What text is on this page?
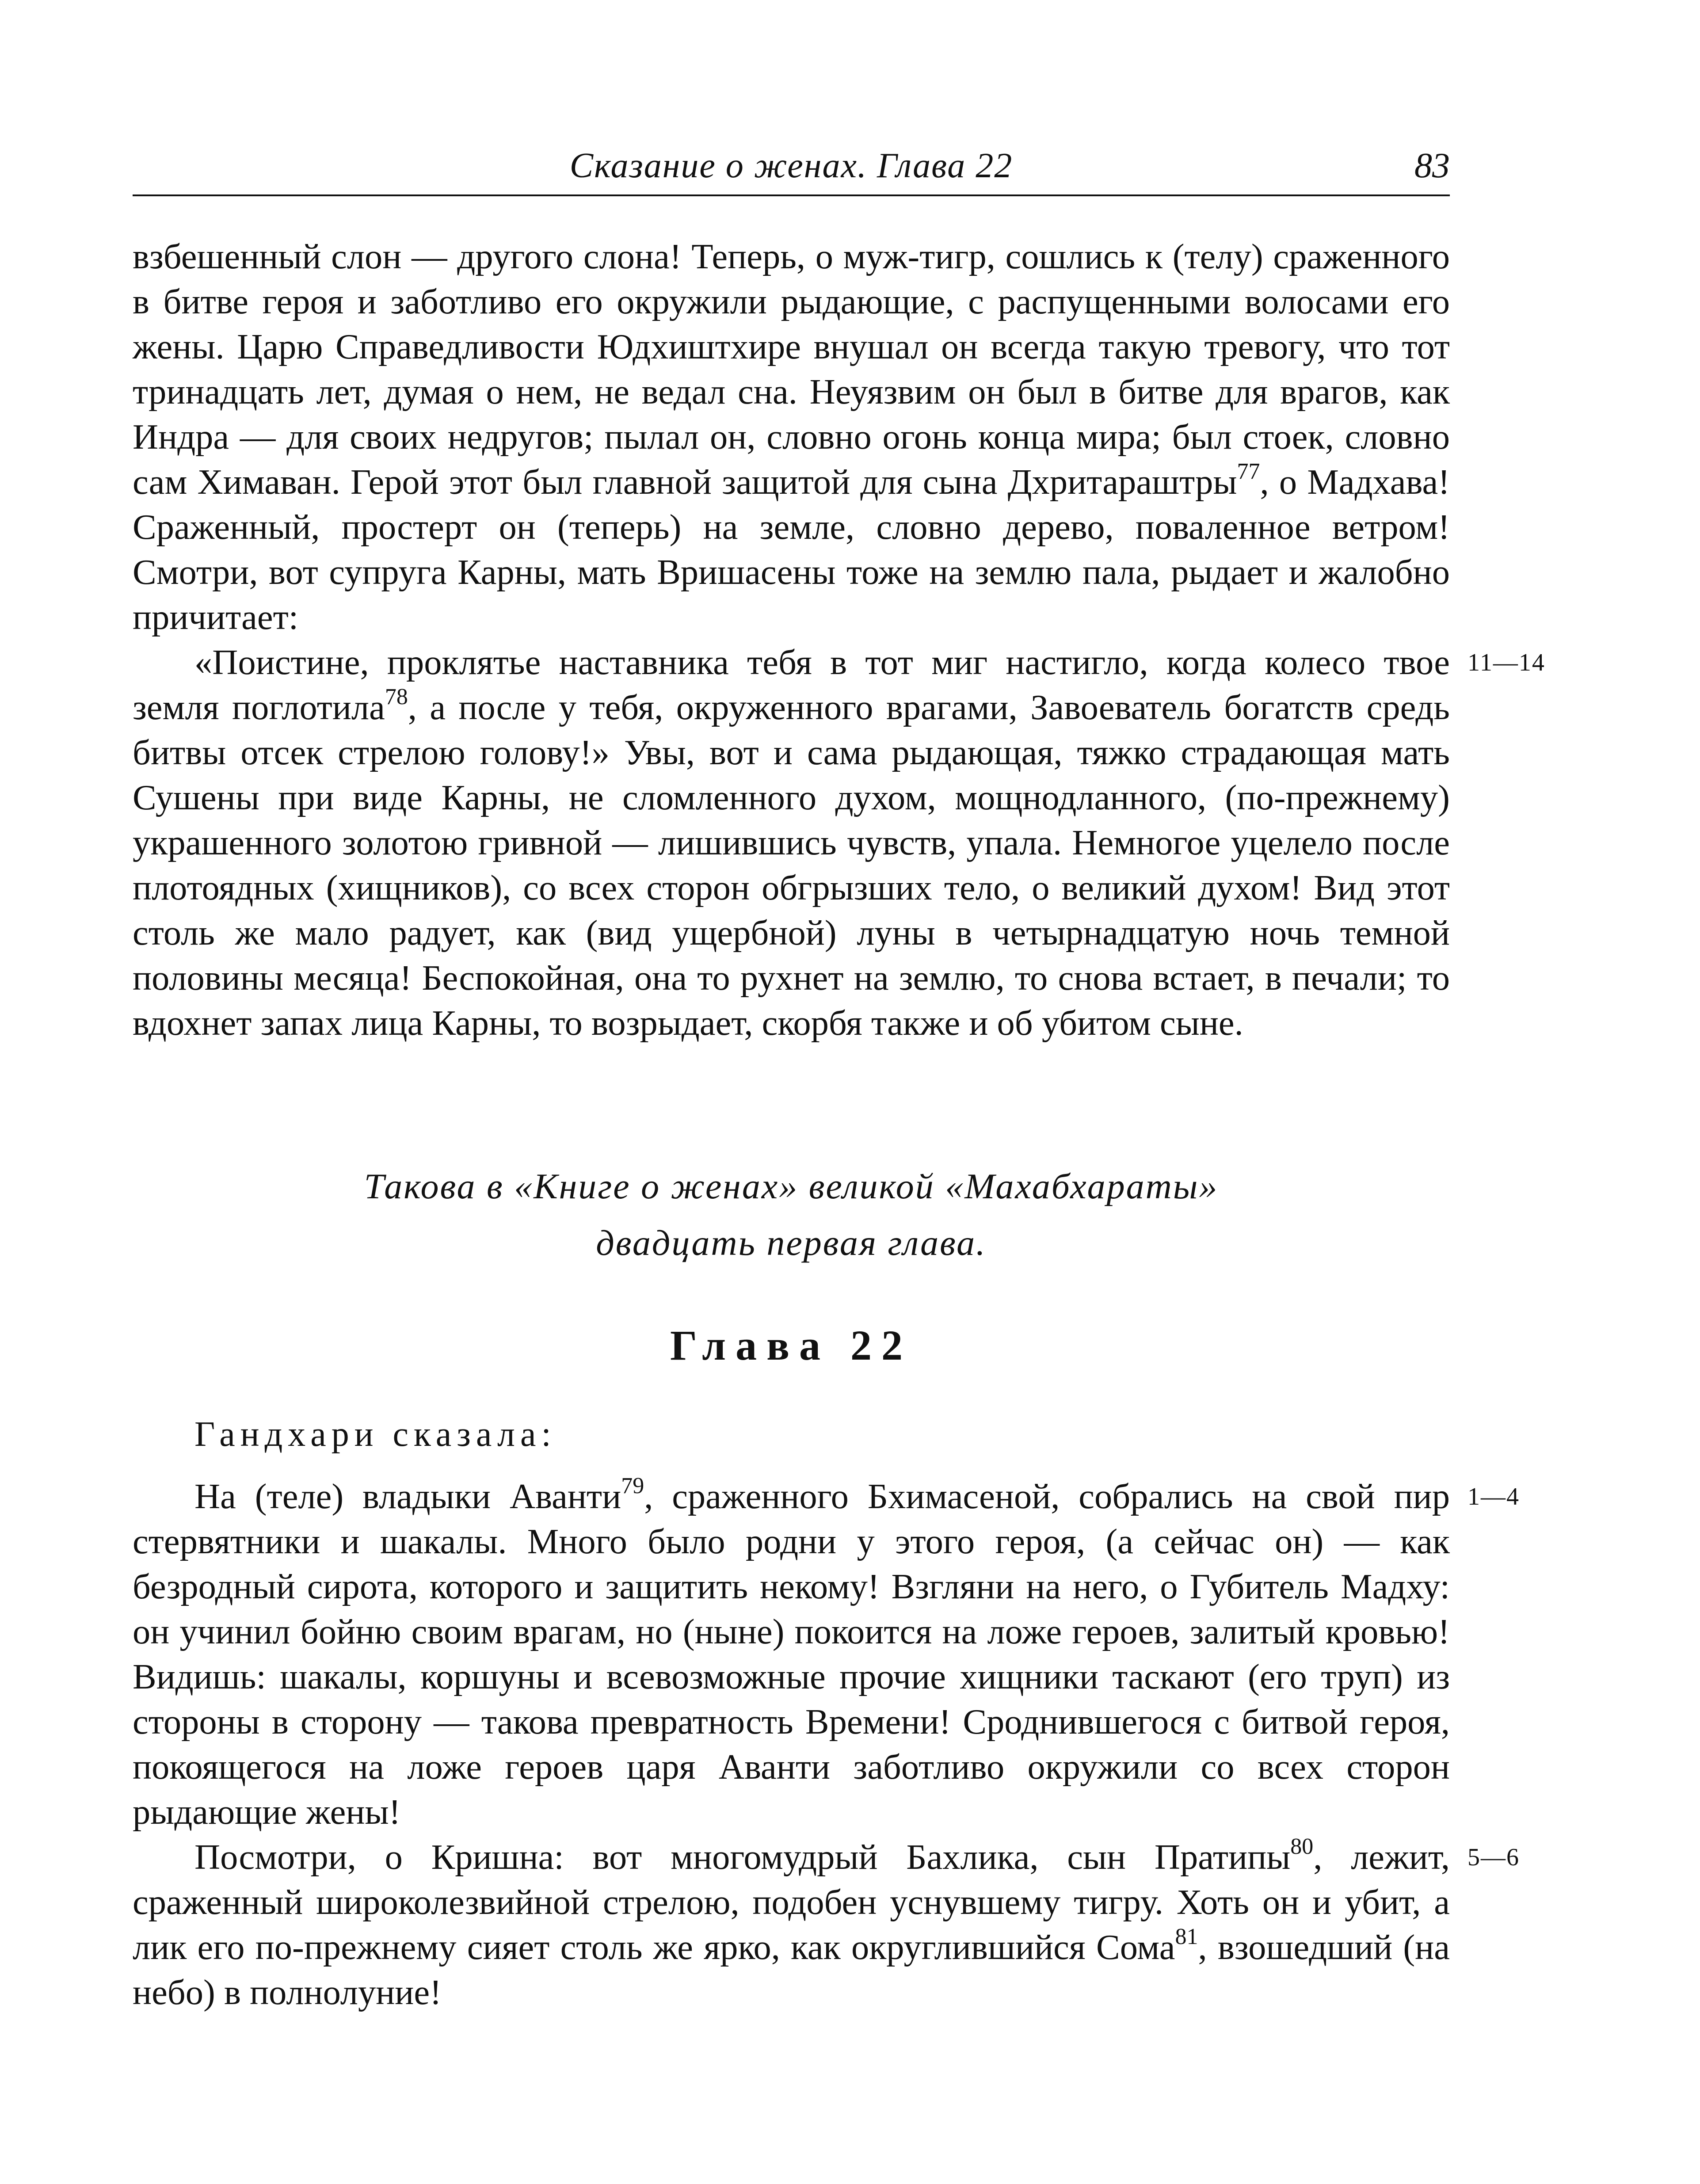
Сказание о женах. Глава 22	83

взбешенный слон — другого слона! Теперь, о муж-тигр, сошлись к (телу) сраженного в битве героя и заботливо его окружили рыдающие, с распущенными волосами его жены. Царю Справедливости Юдхиштхире внушал он всегда такую тревогу, что тот тринадцать лет, думая о нем, не ведал сна. Неуязвим он был в битве для врагов, как Индра — для своих недругов; пылал он, словно огонь конца мира; был стоек, словно сам Химаван. Герой этот был главной защитой для сына Дхритараштры$^{77}$, о Мадхава! Сраженный, простерт он (теперь) на земле, словно дерево, поваленное ветром! Смотри, вот супруга Карны, мать Вришасены тоже на землю пала, рыдает и жалобно причитает:

11—14
«Поистине, проклятье наставника тебя в тот миг настигло, когда колесо твое земля поглотила$^{78}$, а после у тебя, окруженного врагами, Завоеватель богатств средь битвы отсек стрелою голову!» Увы, вот и сама рыдающая, тяжко страдающая мать Сушены при виде Карны, не сломленного духом, мощнодланного, (по-прежнему) украшенного золотою гривной — лишившись чувств, упала. Немногое уцелело после плотоядных (хищников), со всех сторон обгрызших тело, о великий духом! Вид этот столь же мало радует, как (вид ущербной) луны в четырнадцатую ночь темной половины месяца! Беспокойная, она то рухнет на землю, то снова встает, в печали; то вдохнет запах лица Карны, то возрыдает, скорбя также и об убитом сыне.

Такова в «Книге о женах» великой «Махабхараты»

двадцать первая глава.

Глава 22
Гандхари сказала:

1—4
На (теле) владыки Аванти$^{79}$, сраженного Бхимасеной, собрались на свой пир стервятники и шакалы. Много было родни у этого героя, (а сейчас он) — как безродный сирота, которого и защитить некому! Взгляни на него, о Губитель Мадху: он учинил бойню своим врагам, но (ныне) покоится на ложе героев, залитый кровью! Видишь: шакалы, коршуны и всевозможные прочие хищники таскают (его труп) из стороны в сторону — такова превратность Времени! Сроднившегося с битвой героя, покоящегося на ложе героев царя Аванти заботливо окружили со всех сторон рыдающие жены!

5—6
Посмотри, о Кришна: вот многомудрый Бахлика, сын Пратипы$^{80}$, лежит, сраженный широколезвийной стрелою, подобен уснувшему тигру. Хоть он и убит, а лик его по-прежнему сияет столь же ярко, как округлившийся Сома$^{81}$, взошедший (на небо) в полнолуние!
